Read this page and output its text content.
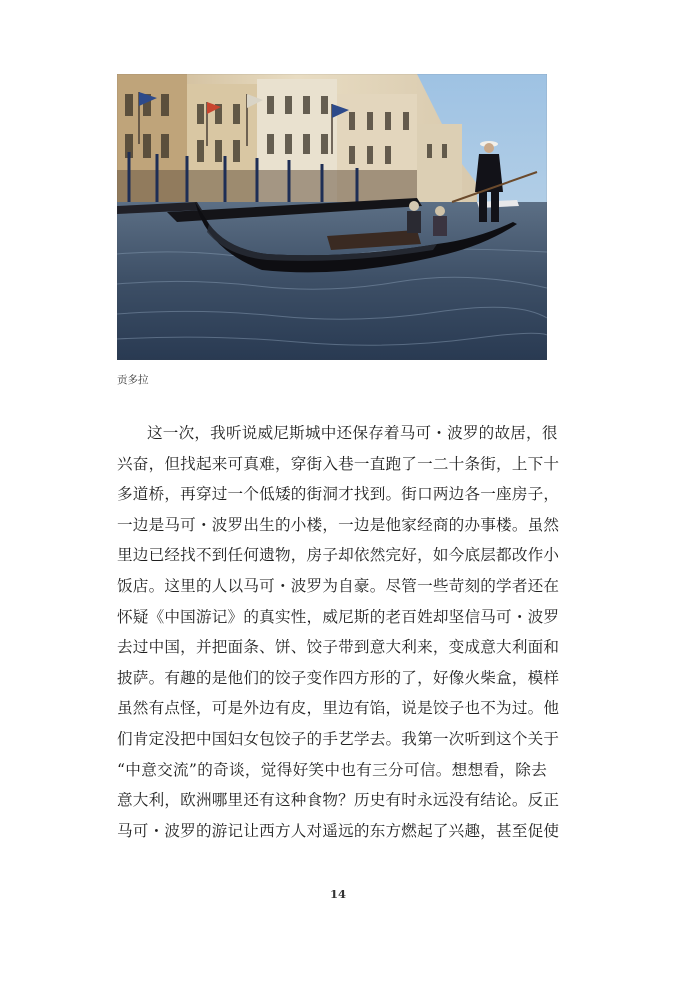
贡多拉
这一次，我听说威尼斯城中还保存着马可・波罗的故居，很
兴奋，但找起来可真难，穿街入巷一直跑了一二十条街，上下十
多道桥，再穿过一个低矮的街洞才找到。街口两边各一座房子，
一边是马可・波罗出生的小楼，一边是他家经商的办事楼。虽然
里边已经找不到任何遗物，房子却依然完好，如今底层都改作小
饭店。这里的人以马可・波罗为自豪。尽管一些苛刻的学者还在
怀疑《中国游记》的真实性，威尼斯的老百姓却坚信马可・波罗
去过中国，并把面条、饼、饺子带到意大利来，变成意大利面和
披萨。有趣的是他们的饺子变作四方形的了，好像火柴盒，模样
虽然有点怪，可是外边有皮，里边有馅，说是饺子也不为过。他
们肯定没把中国妇女包饺子的手艺学去。我第一次听到这个关于
“中意交流”的奇谈，觉得好笑中也有三分可信。想想看，除去
意大利，欧洲哪里还有这种食物？历史有时永远没有结论。反正
马可・波罗的游记让西方人对遥远的东方燃起了兴趣，甚至促使
14
